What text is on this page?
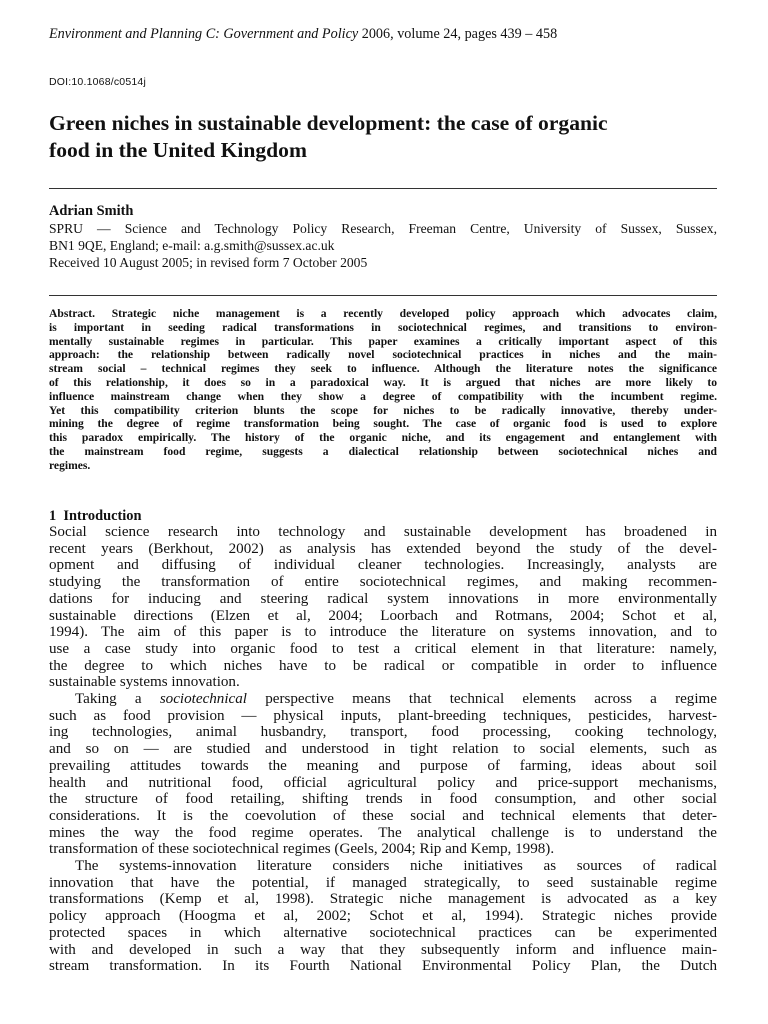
Environment and Planning C: Government and Policy 2006, volume 24, pages 439 – 458
DOI:10.1068/c0514j
Green niches in sustainable development: the case of organic
food in the United Kingdom
Adrian Smith
SPRU — Science and Technology Policy Research, Freeman Centre, University of Sussex, Sussex,
BN1 9QE, England; e-mail: a.g.smith@sussex.ac.uk
Received 10 August 2005; in revised form 7 October 2005
Abstract. Strategic niche management is a recently developed policy approach which advocates claim,
is important in seeding radical transformations in sociotechnical regimes, and transitions to environ-
mentally sustainable regimes in particular. This paper examines a critically important aspect of this
approach: the relationship between radically novel sociotechnical practices in niches and the main-
stream social – technical regimes they seek to influence. Although the literature notes the significance
of this relationship, it does so in a paradoxical way. It is argued that niches are more likely to
influence mainstream change when they show a degree of compatibility with the incumbent regime.
Yet this compatibility criterion blunts the scope for niches to be radically innovative, thereby under-
mining the degree of regime transformation being sought. The case of organic food is used to explore
this paradox empirically. The history of the organic niche, and its engagement and entanglement with
the mainstream food regime, suggests a dialectical relationship between sociotechnical niches and
regimes.
1 Introduction
Social science research into technology and sustainable development has broadened in
recent years (Berkhout, 2002) as analysis has extended beyond the study of the devel-
opment and diffusing of individual cleaner technologies. Increasingly, analysts are
studying the transformation of entire sociotechnical regimes, and making recommen-
dations for inducing and steering radical system innovations in more environmentally
sustainable directions (Elzen et al, 2004; Loorbach and Rotmans, 2004; Schot et al,
1994). The aim of this paper is to introduce the literature on systems innovation, and to
use a case study into organic food to test a critical element in that literature: namely,
the degree to which niches have to be radical or compatible in order to influence
sustainable systems innovation.
Taking a sociotechnical perspective means that technical elements across a regime
such as food provision — physical inputs, plant-breeding techniques, pesticides, harvest-
ing technologies, animal husbandry, transport, food processing, cooking technology,
and so on — are studied and understood in tight relation to social elements, such as
prevailing attitudes towards the meaning and purpose of farming, ideas about soil
health and nutritional food, official agricultural policy and price-support mechanisms,
the structure of food retailing, shifting trends in food consumption, and other social
considerations. It is the coevolution of these social and technical elements that deter-
mines the way the food regime operates. The analytical challenge is to understand the
transformation of these sociotechnical regimes (Geels, 2004; Rip and Kemp, 1998).
The systems-innovation literature considers niche initiatives as sources of radical
innovation that have the potential, if managed strategically, to seed sustainable regime
transformations (Kemp et al, 1998). Strategic niche management is advocated as a key
policy approach (Hoogma et al, 2002; Schot et al, 1994). Strategic niches provide
protected spaces in which alternative sociotechnical practices can be experimented
with and developed in such a way that they subsequently inform and influence main-
stream transformation. In its Fourth National Environmental Policy Plan, the Dutch
